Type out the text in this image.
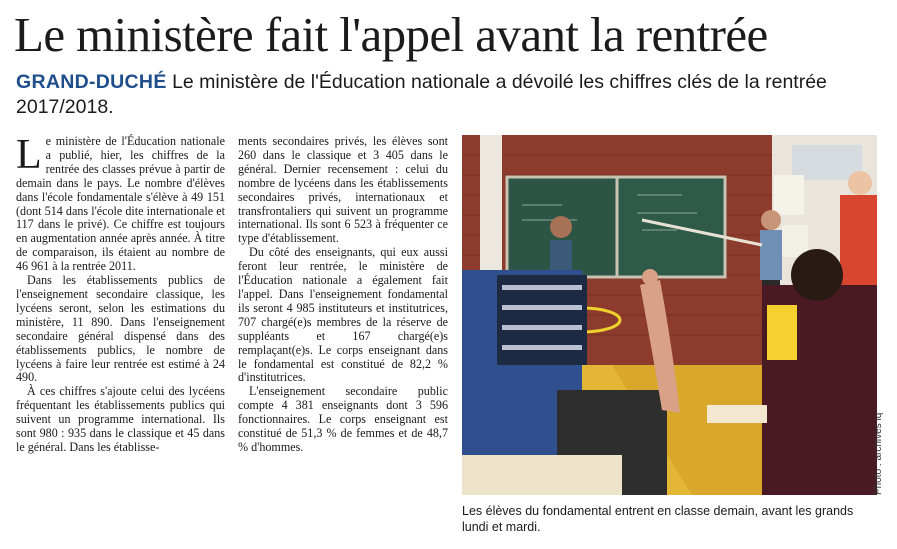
Le ministère fait l'appel avant la rentrée
GRAND-DUCHÉ Le ministère de l'Éducation nationale a dévoilé les chiffres clés de la rentrée 2017/2018.

Le ministère de l'Éducation nationale a publié, hier, les chiffres de la rentrée des classes prévue à partir de demain dans le pays. Le nombre d'élèves dans l'école fondamentale s'élève à 49 151 (dont 514 dans l'école dite internationale et 117 dans le privé). Ce chiffre est toujours en augmentation année après année. À titre de comparaison, ils étaient au nombre de 46 961 à la rentrée 2011.

Dans les établissements publics de l'enseignement secondaire classique, les lycéens seront, selon les estimations du ministère, 11 890. Dans l'enseignement secondaire général dispensé dans des établissements publics, le nombre de lycéens à faire leur rentrée est estimé à 24 490.

À ces chiffres s'ajoute celui des lycéens fréquentant les établissements publics qui suivent un programme international. Ils sont 980 : 935 dans le classique et 45 dans le général. Dans les établisse-

ments secondaires privés, les élèves sont 260 dans le classique et 3 405 dans le général. Dernier recensement : celui du nombre de lycéens dans les établissements secondaires privés, internationaux et transfrontaliers qui suivent un programme international. Ils sont 6 523 à fréquenter ce type d'établissement.

Du côté des enseignants, qui eux aussi feront leur rentrée, le ministère de l'Éducation nationale a également fait l'appel. Dans l'enseignement fondamental ils seront 4 985 instituteurs et institutrices, 707 chargé(e)s membres de la réserve de suppléants et 167 chargé(e)s remplaçant(e)s. Le corps enseignant dans le fondamental est constitué de 82,2 % d'institutrices.

L'enseignement secondaire public compte 4 381 enseignants dont 3 596 fonctionnaires. Le corps enseignant est constitué de 51,3 % de femmes et de 48,7 % d'hommes.	Photo : archives lq
Les élèves du fondamental entrent en classe demain, avant les grands lundi et mardi.
